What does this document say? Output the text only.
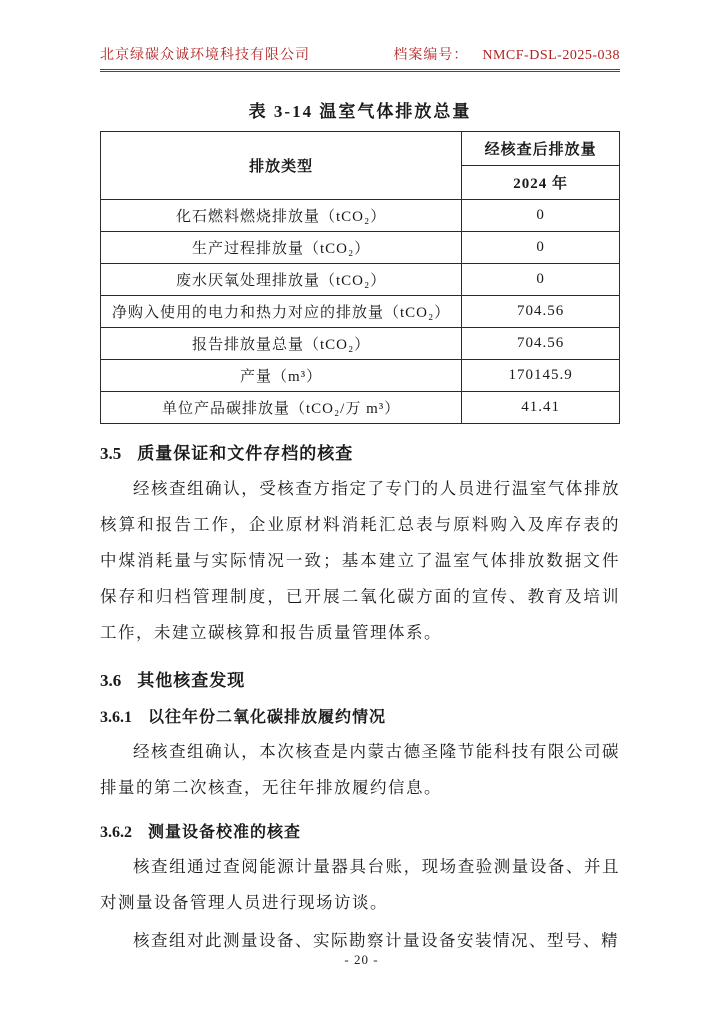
北京绿碳众诚环境科技有限公司	档案编号： NMCF-DSL-2025-038
表 3-14 温室气体排放总量
排放类型	经核查后排放量
	2024 年
化石燃料燃烧排放量（tCO₂）	0
生产过程排放量（tCO₂）	0
废水厌氧处理排放量（tCO₂）	0
净购入使用的电力和热力对应的排放量（tCO₂）	704.56
报告排放量总量（tCO₂）	704.56
产量（m³）	170145.9
单位产品碳排放量（tCO₂/万 m³）	41.41
3.5 质量保证和文件存档的核查

经核查组确认，受核查方指定了专门的人员进行温室气体排放核算和报告工作，企业原材料消耗汇总表与原料购入及库存表的中煤消耗量与实际情况一致；基本建立了温室气体排放数据文件保存和归档管理制度，已开展二氧化碳方面的宣传、教育及培训工作，未建立碳核算和报告质量管理体系。

3.6 其他核查发现
3.6.1 以往年份二氧化碳排放履约情况

经核查组确认，本次核查是内蒙古德圣隆节能科技有限公司碳排量的第二次核查，无往年排放履约信息。

3.6.2 测量设备校准的核查

核查组通过查阅能源计量器具台账，现场查验测量设备、并且对测量设备管理人员进行现场访谈。

核查组对此测量设备、实际勘察计量设备安装情况、型号、精

- 20 -
